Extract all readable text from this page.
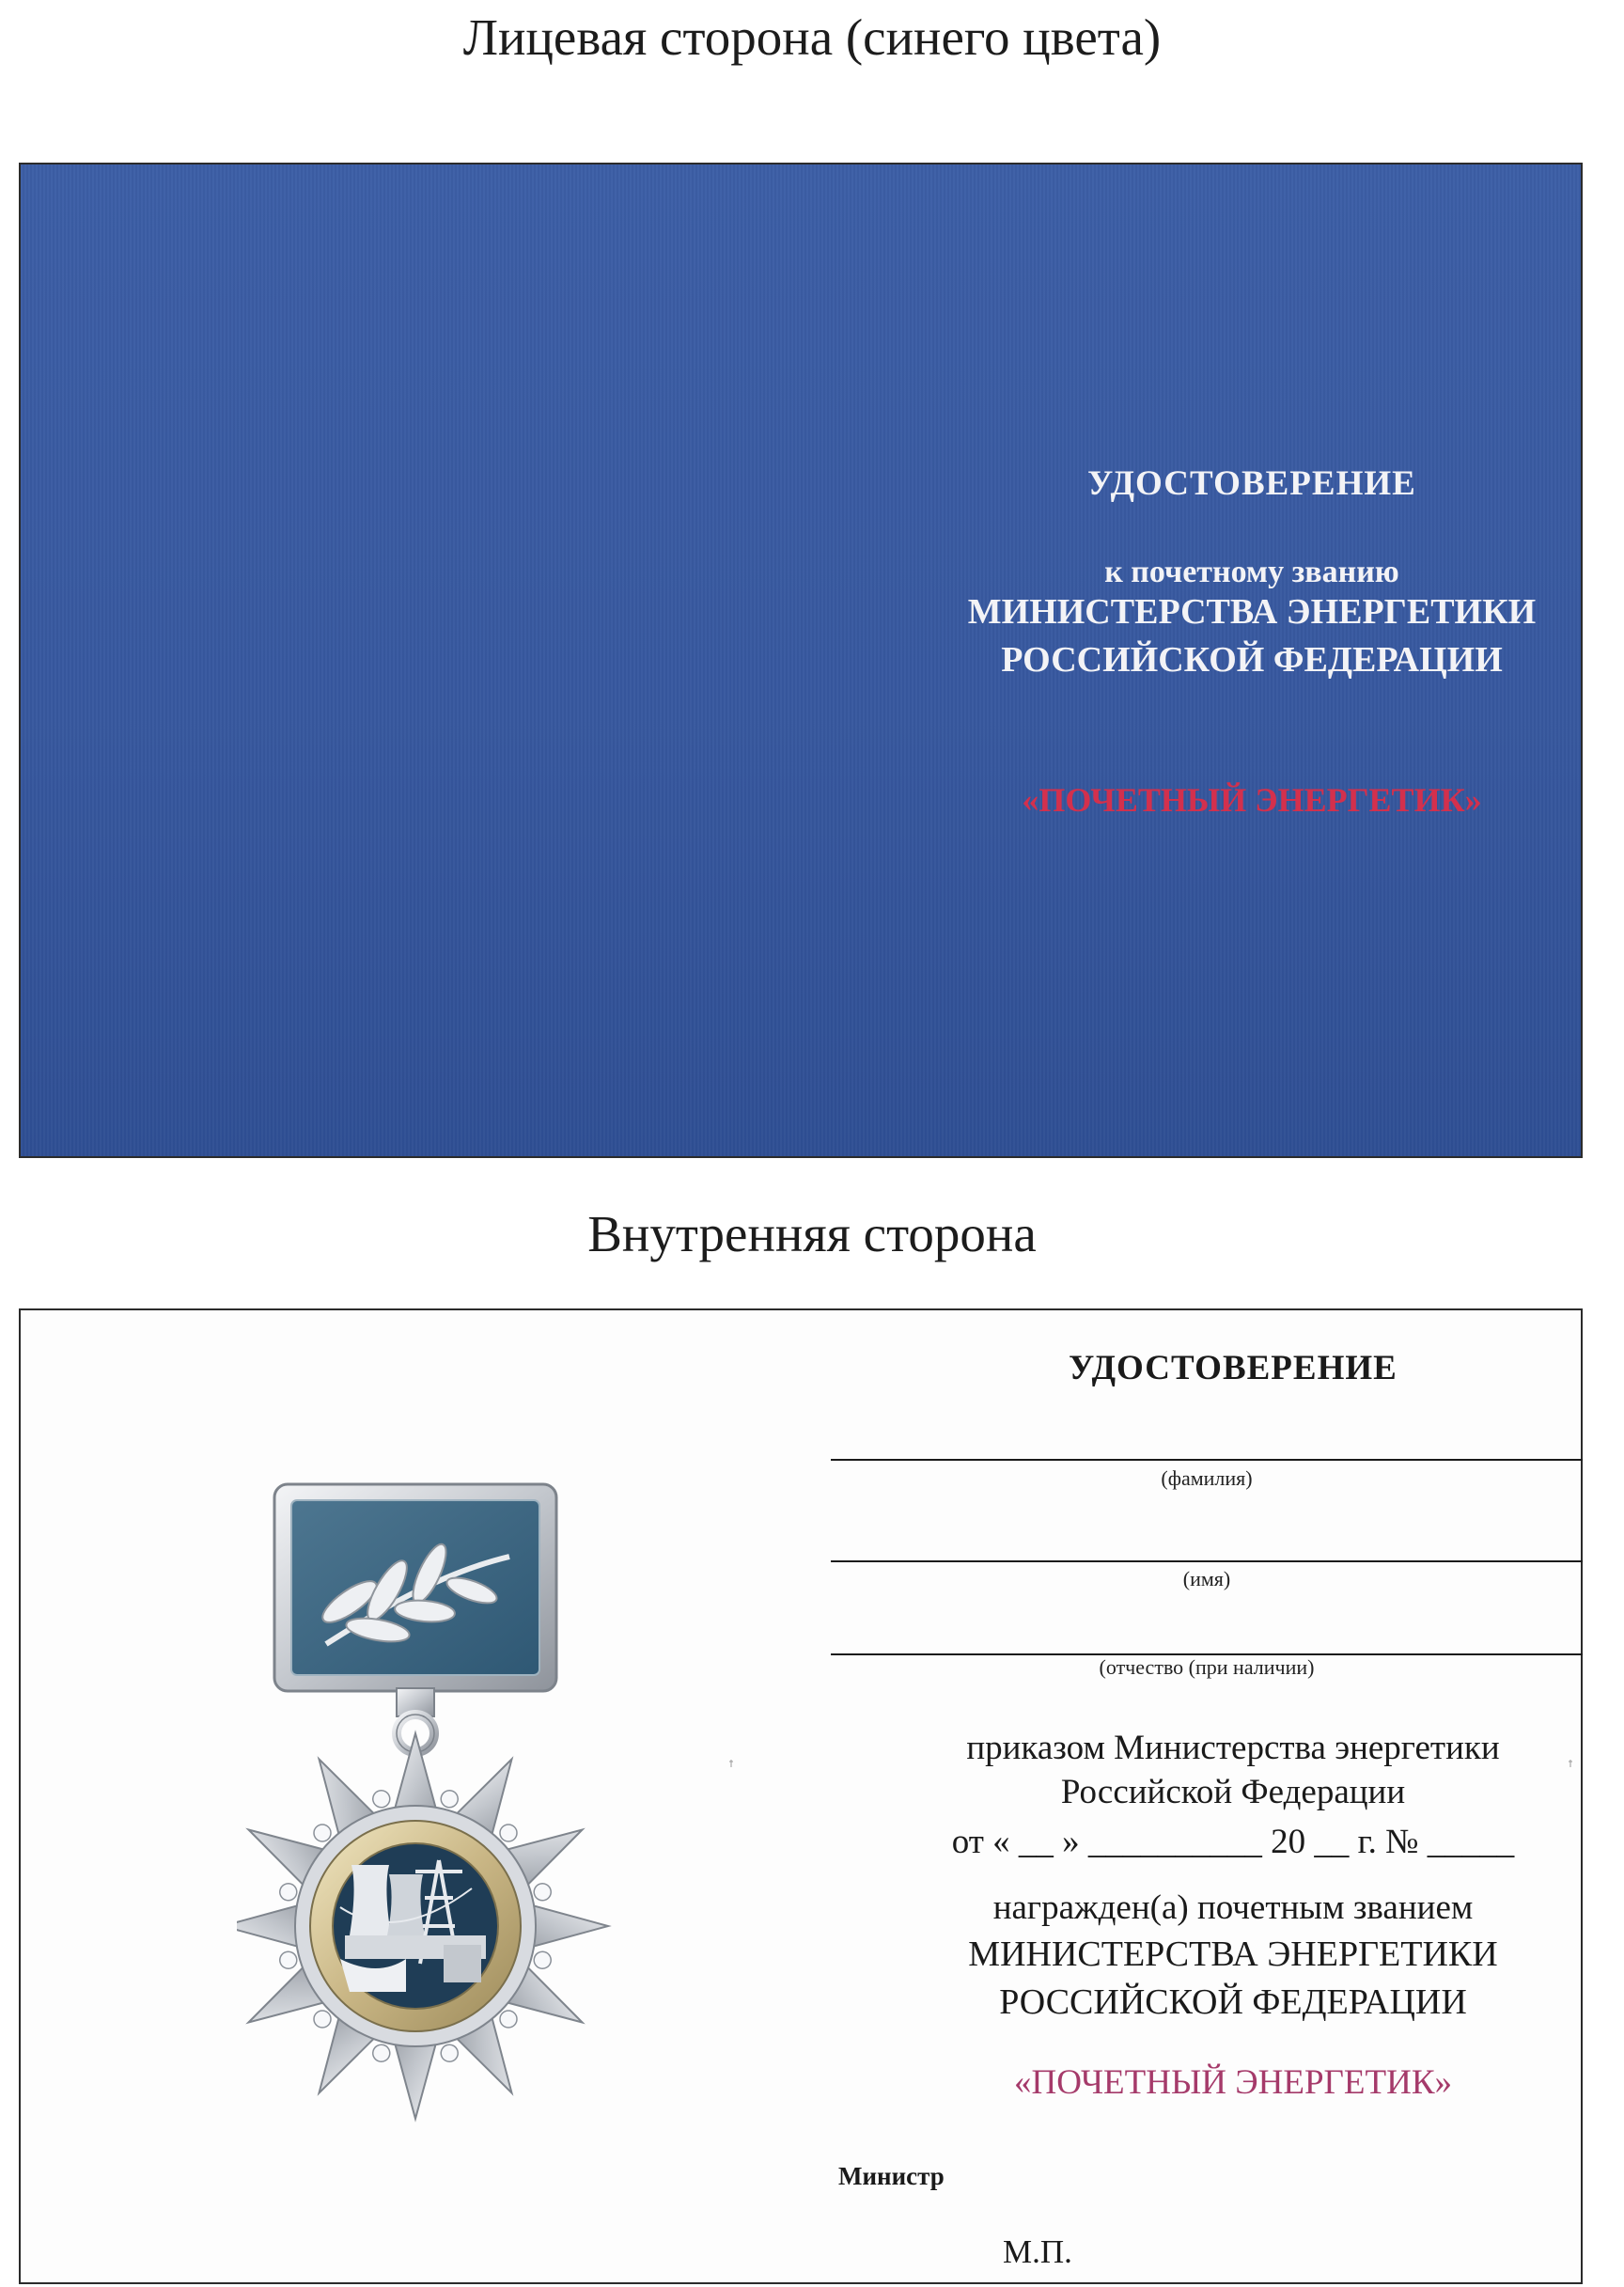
Лицевая сторона (синего цвета)
Внутренняя сторона
УДОСТОВЕРЕНИЕ
к почетному званию
МИНИСТЕРСТВА ЭНЕРГЕТИКИ
РОССИЙСКОЙ ФЕДЕРАЦИИ
«ПОЧЕТНЫЙ ЭНЕРГЕТИК»
УДОСТОВЕРЕНИЕ
(фамилия)
(имя)
(отчество (при наличии)
приказом Министерства энергетики
Российской Федерации
от « __ » __________ 20 __ г. № _____
награжден(а) почетным званием
МИНИСТЕРСТВА ЭНЕРГЕТИКИ
РОССИЙСКОЙ ФЕДЕРАЦИИ
«ПОЧЕТНЫЙ ЭНЕРГЕТИК»
Министр
М.П.
